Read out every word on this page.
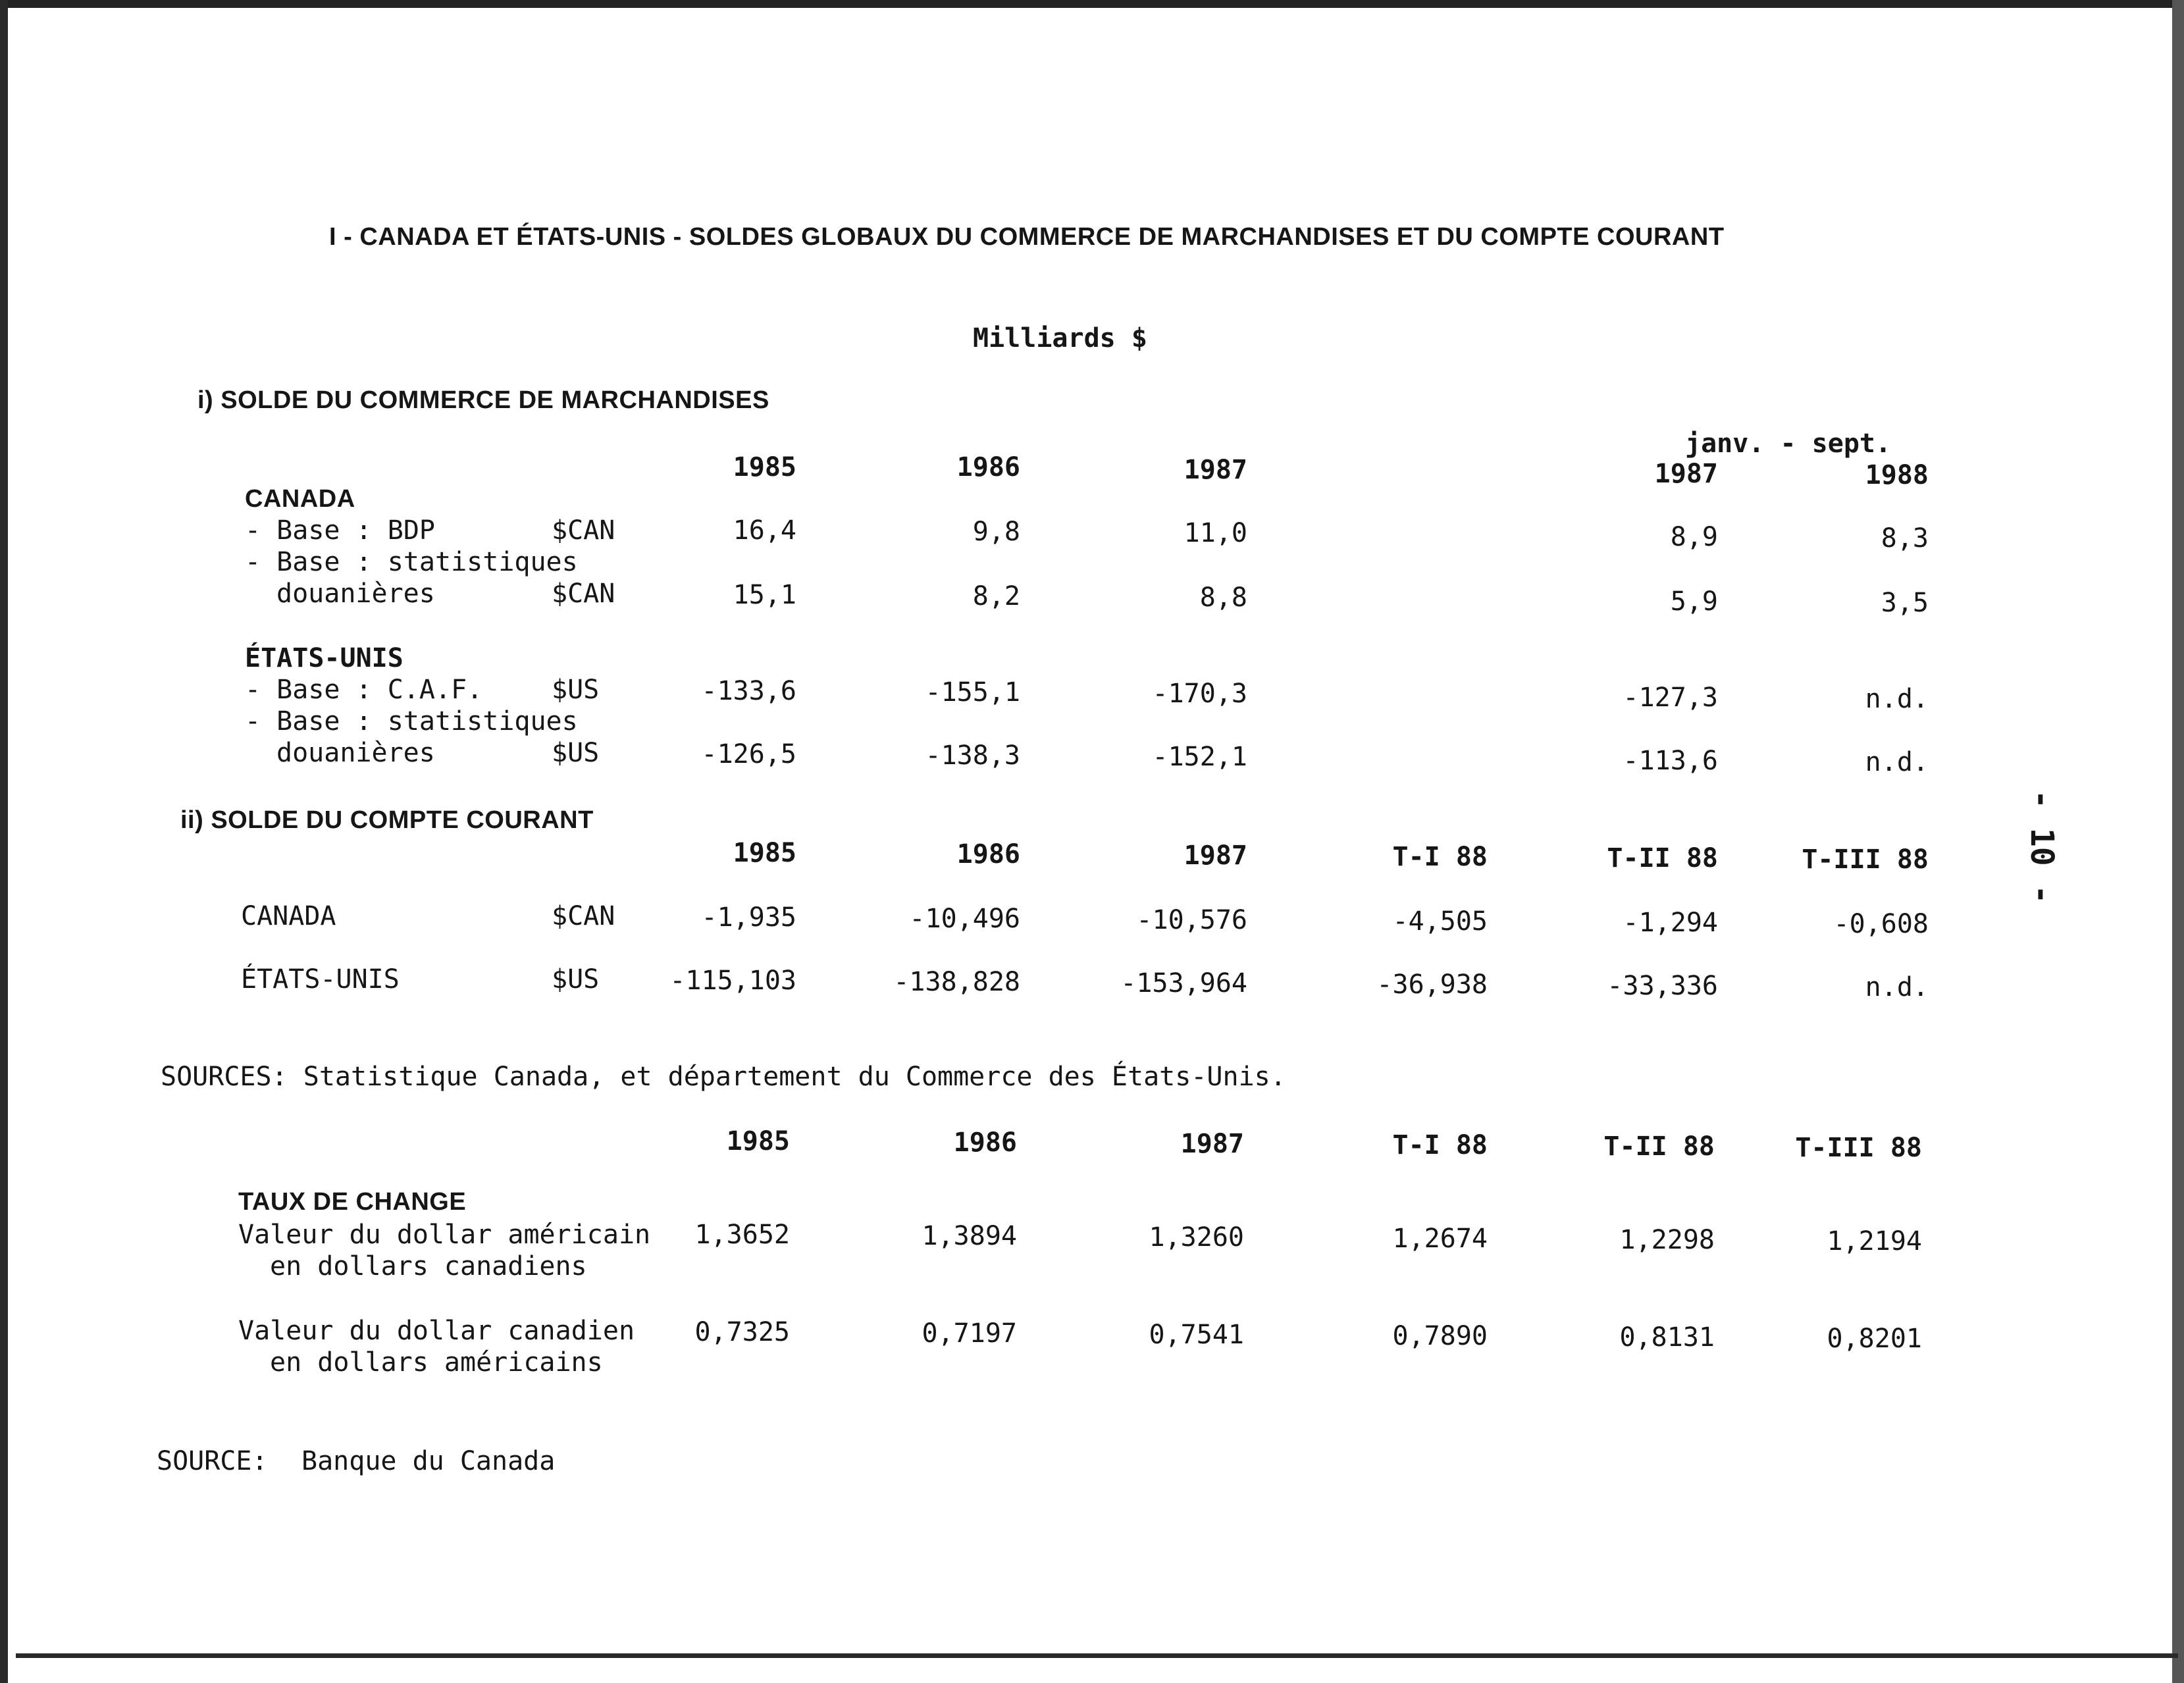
I - CANADA ET ÉTATS-UNIS - SOLDES GLOBAUX DU COMMERCE DE MARCHANDISES ET DU COMPTE COURANT
Milliards $
i) SOLDE DU COMMERCE DE MARCHANDISES
janv. - sept.
1985	1986	1987	1987	1988
CANADA
- Base : BDP	$CAN	16,4	9,8	11,0	8,9	8,3
- Base : statistiques
douanières	$CAN	15,1	8,2	8,8	5,9	3,5
ÉTATS-UNIS
- Base : C.A.F.	$US	-133,6	-155,1	-170,3	-127,3	n.d.
- Base : statistiques
douanières	$US	-126,5	-138,3	-152,1	-113,6	n.d.
ii) SOLDE DU COMPTE COURANT
1985	1986	1987	T-I 88	T-II 88	T-III 88
CANADA	$CAN	-1,935	-10,496	-10,576	-4,505	-1,294	-0,608
ÉTATS-UNIS	$US	-115,103	-138,828	-153,964	-36,938	-33,336	n.d.
SOURCES: Statistique Canada, et département du Commerce des États-Unis.
1985	1986	1987	T-I 88	T-II 88	T-III 88
TAUX DE CHANGE
Valeur du dollar américain
en dollars canadiens
1,3652	1,3894	1,3260	1,2674	1,2298	1,2194
Valeur du dollar canadien
en dollars américains
0,7325	0,7197	0,7541	0,7890	0,8131	0,8201
SOURCE: Banque du Canada
- 10 -
